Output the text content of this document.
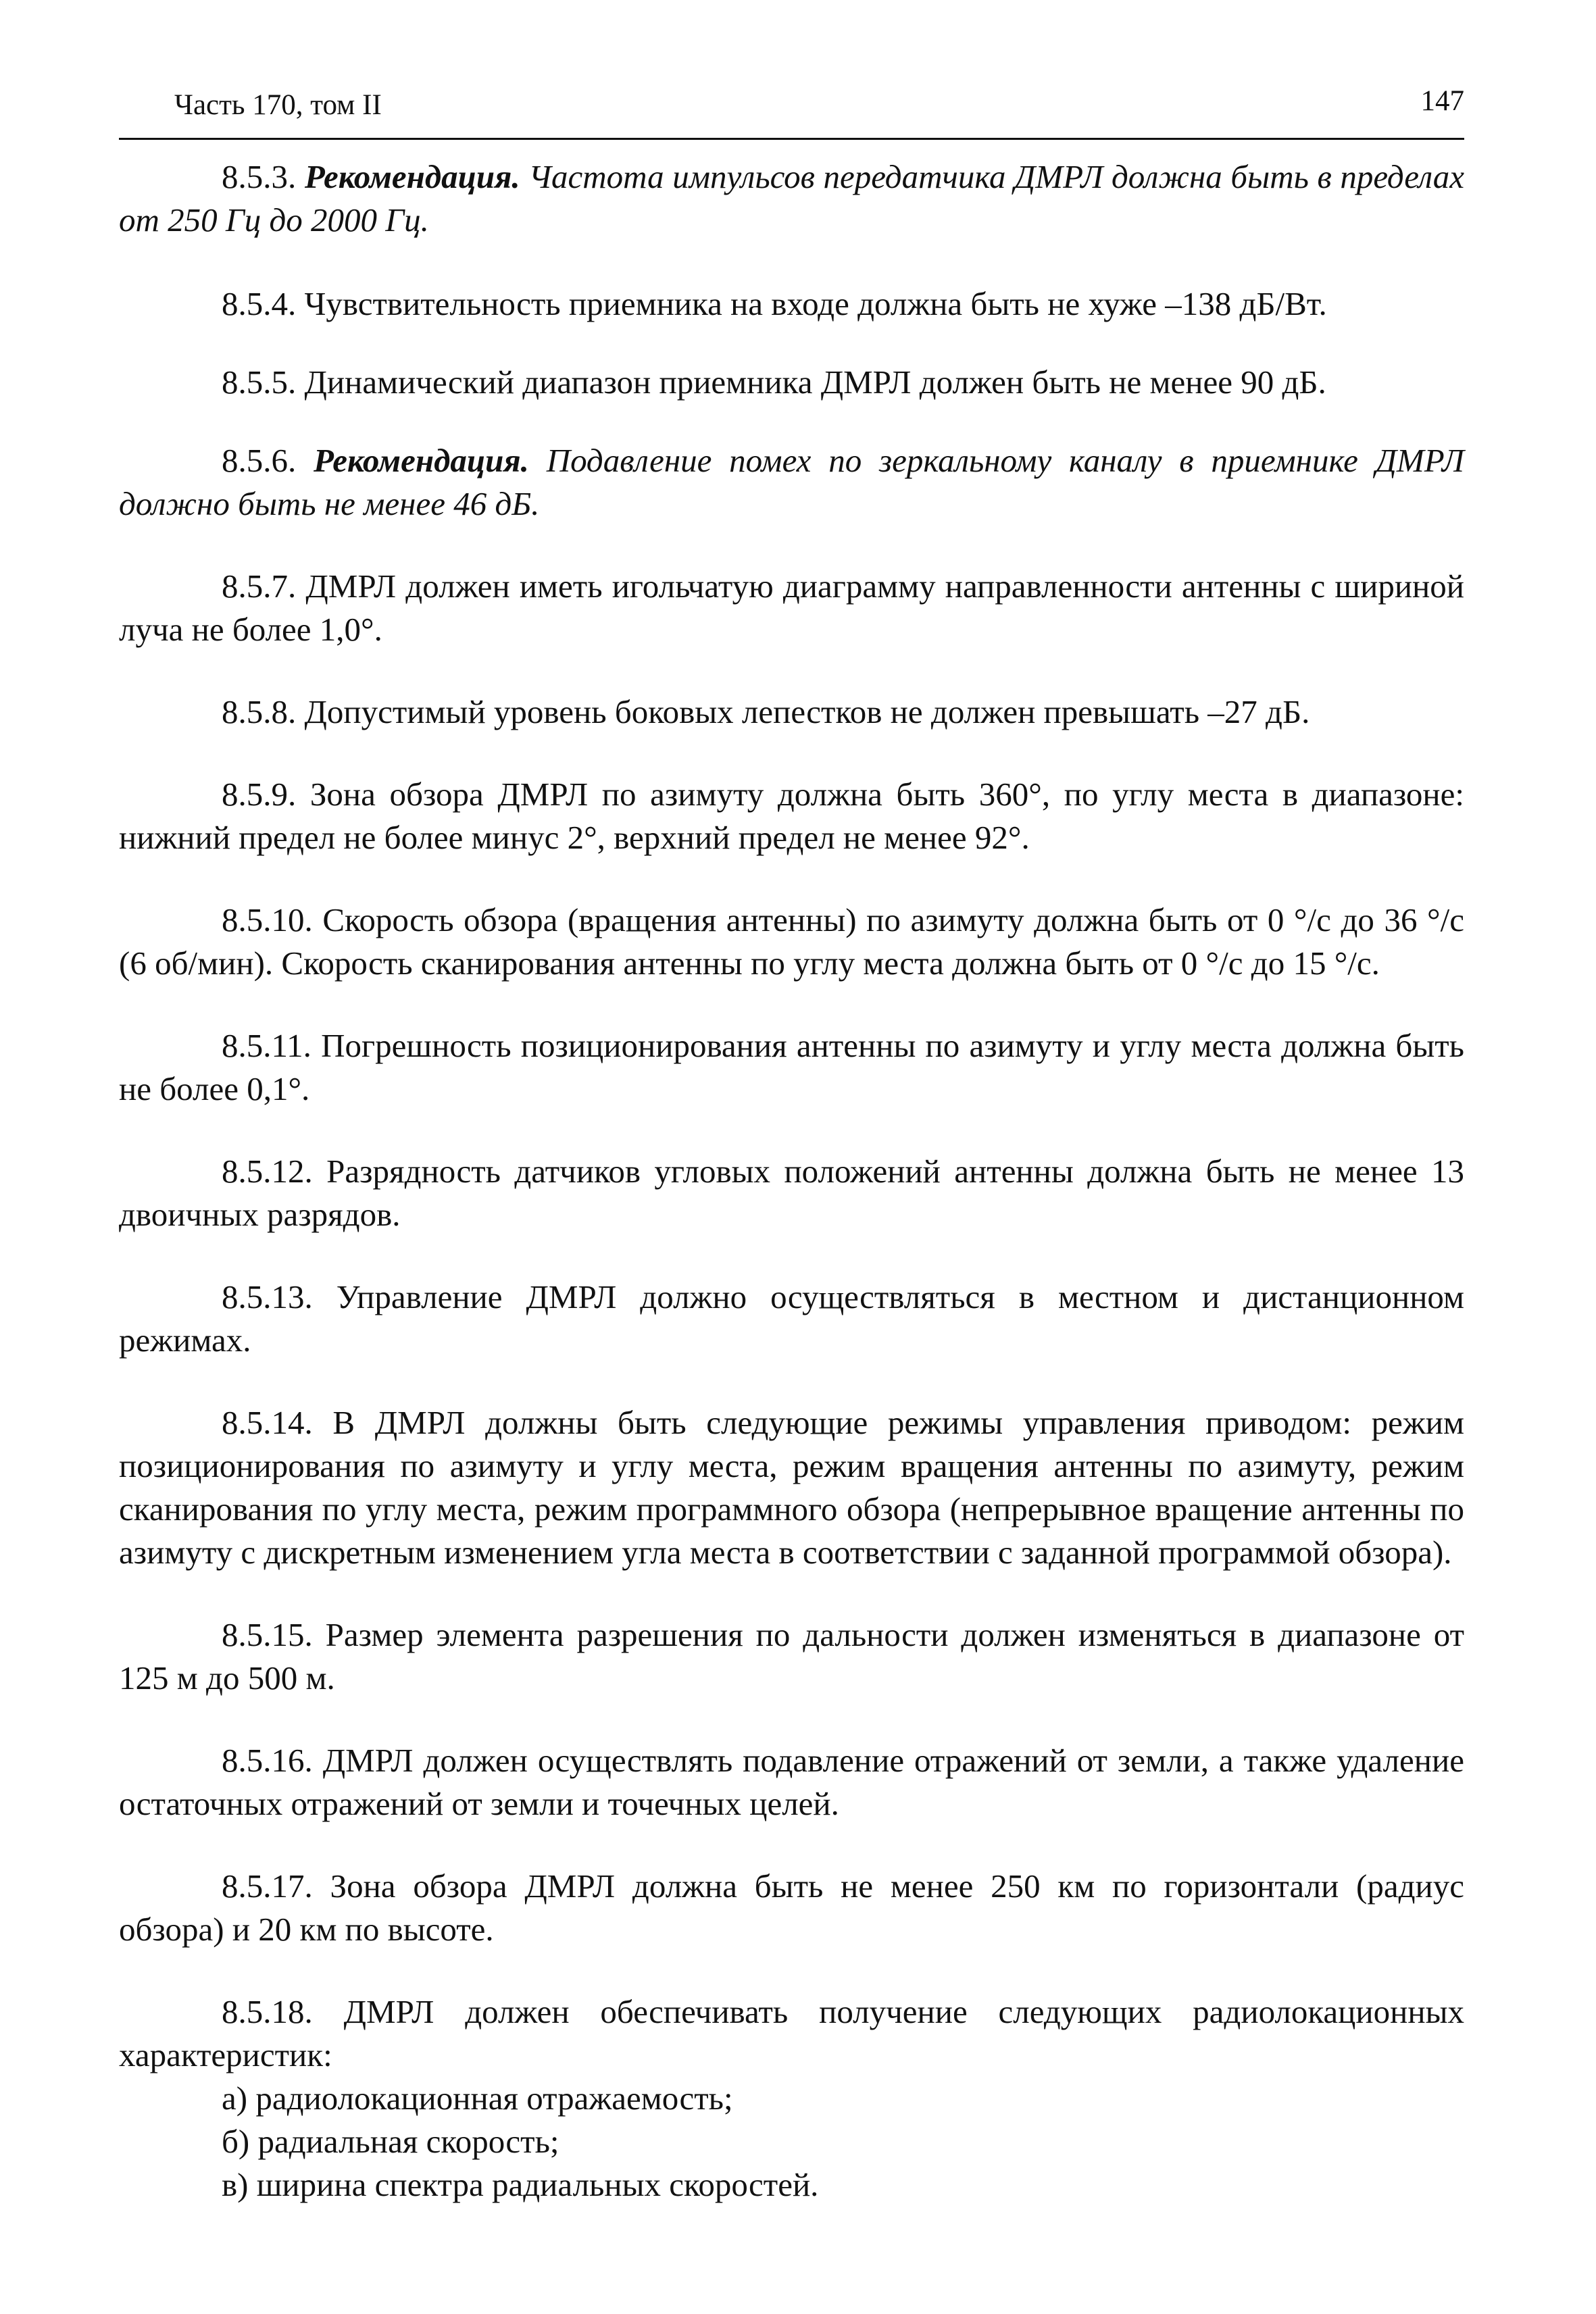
Часть 170, том II	147

8.5.3. Рекомендация. Частота импульсов передатчика ДМРЛ должна быть в пределах от 250 Гц до 2000 Гц.

8.5.4. Чувствительность приемника на входе должна быть не хуже –138 дБ/Вт.

8.5.5. Динамический диапазон приемника ДМРЛ должен быть не менее 90 дБ.

8.5.6. Рекомендация. Подавление помех по зеркальному каналу в приемнике ДМРЛ должно быть не менее 46 дБ.

8.5.7. ДМРЛ должен иметь игольчатую диаграмму направленности антенны с шириной луча не более 1,0°.

8.5.8. Допустимый уровень боковых лепестков не должен превышать –27 дБ.

8.5.9. Зона обзора ДМРЛ по азимуту должна быть 360°, по углу места в диапазоне: нижний предел не более минус 2°, верхний предел не менее 92°.

8.5.10. Скорость обзора (вращения антенны) по азимуту должна быть от 0 °/c до 36 °/c (6 об/мин). Скорость сканирования антенны по углу места должна быть от 0 °/c до 15 °/c.

8.5.11. Погрешность позиционирования антенны по азимуту и углу места должна быть не более 0,1°.

8.5.12. Разрядность датчиков угловых положений антенны должна быть не менее 13 двоичных разрядов.

8.5.13. Управление ДМРЛ должно осуществляться в местном и дистанционном режимах.

8.5.14. В ДМРЛ должны быть следующие режимы управления приводом: режим позиционирования по азимуту и углу места, режим вращения антенны по азимуту, режим сканирования по углу места, режим программного обзора (непрерывное вращение антенны по азимуту с дискретным изменением угла места в соответствии с заданной программой обзора).

8.5.15. Размер элемента разрешения по дальности должен изменяться в диапазоне от 125 м до 500 м.

8.5.16. ДМРЛ должен осуществлять подавление отражений от земли, а также удаление остаточных отражений от земли и точечных целей.

8.5.17. Зона обзора ДМРЛ должна быть не менее 250 км по горизонтали (радиус обзора) и 20 км по высоте.

8.5.18. ДМРЛ должен обеспечивать получение следующих радиолокационных характеристик:

а) радиолокационная отражаемость;
б) радиальная скорость;
в) ширина спектра радиальных скоростей.
